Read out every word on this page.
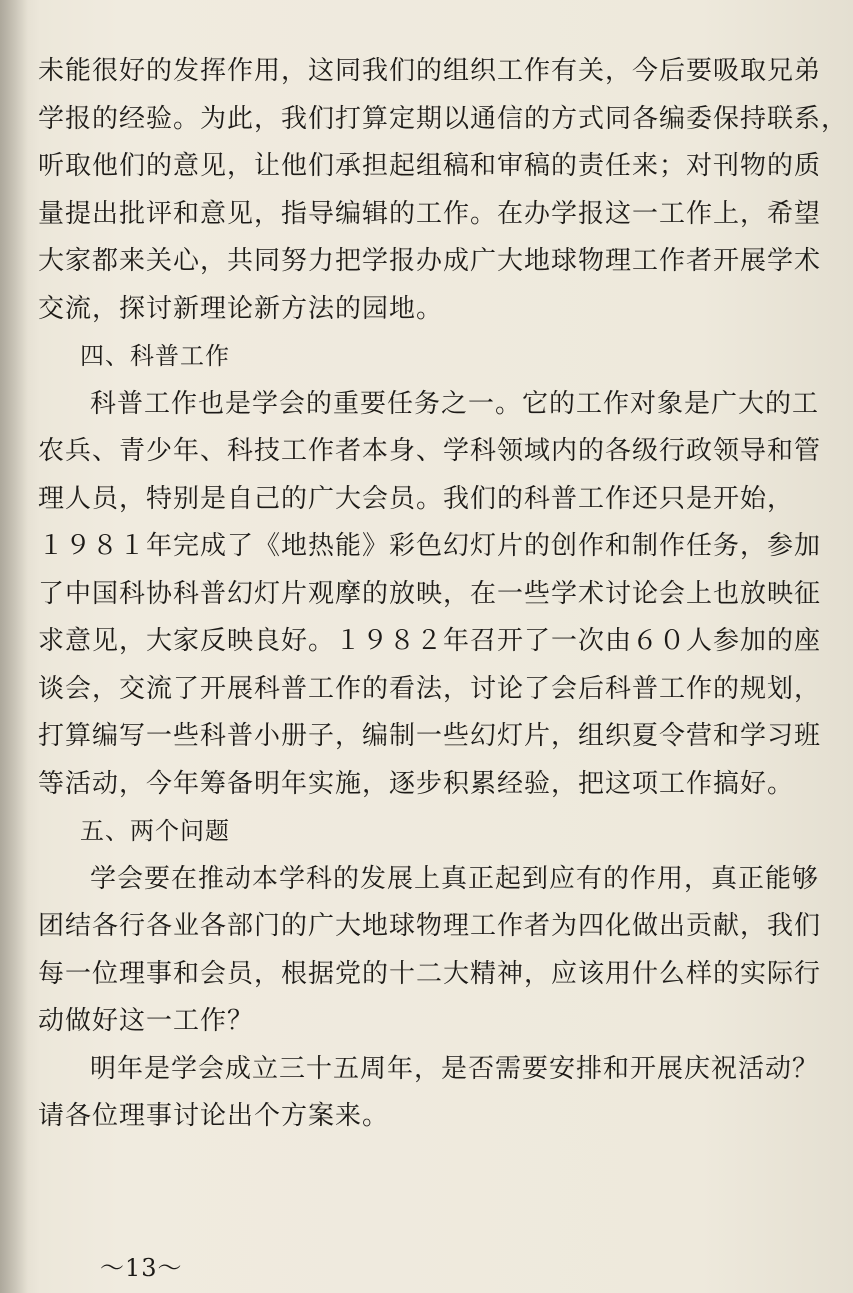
未能很好的发挥作用，这同我们的组织工作有关，今后要吸取兄弟
学报的经验。为此，我们打算定期以通信的方式同各编委保持联系，
听取他们的意见，让他们承担起组稿和审稿的责任来；对刊物的质
量提出批评和意见，指导编辑的工作。在办学报这一工作上，希望
大家都来关心，共同努力把学报办成广大地球物理工作者开展学术
交流，探讨新理论新方法的园地。
四、科普工作
科普工作也是学会的重要任务之一。它的工作对象是广大的工
农兵、青少年、科技工作者本身、学科领域内的各级行政领导和管
理人员，特别是自己的广大会员。我们的科普工作还只是开始，
１９８１年完成了《地热能》彩色幻灯片的创作和制作任务，参加
了中国科协科普幻灯片观摩的放映，在一些学术讨论会上也放映征
求意见，大家反映良好。１９８２年召开了一次由６０人参加的座
谈会，交流了开展科普工作的看法，讨论了会后科普工作的规划，
打算编写一些科普小册子，编制一些幻灯片，组织夏令营和学习班
等活动，今年筹备明年实施，逐步积累经验，把这项工作搞好。
五、两个问题
学会要在推动本学科的发展上真正起到应有的作用，真正能够
团结各行各业各部门的广大地球物理工作者为四化做出贡献，我们
每一位理事和会员，根据党的十二大精神，应该用什么样的实际行
动做好这一工作？
明年是学会成立三十五周年，是否需要安排和开展庆祝活动？
请各位理事讨论出个方案来。
～13～
